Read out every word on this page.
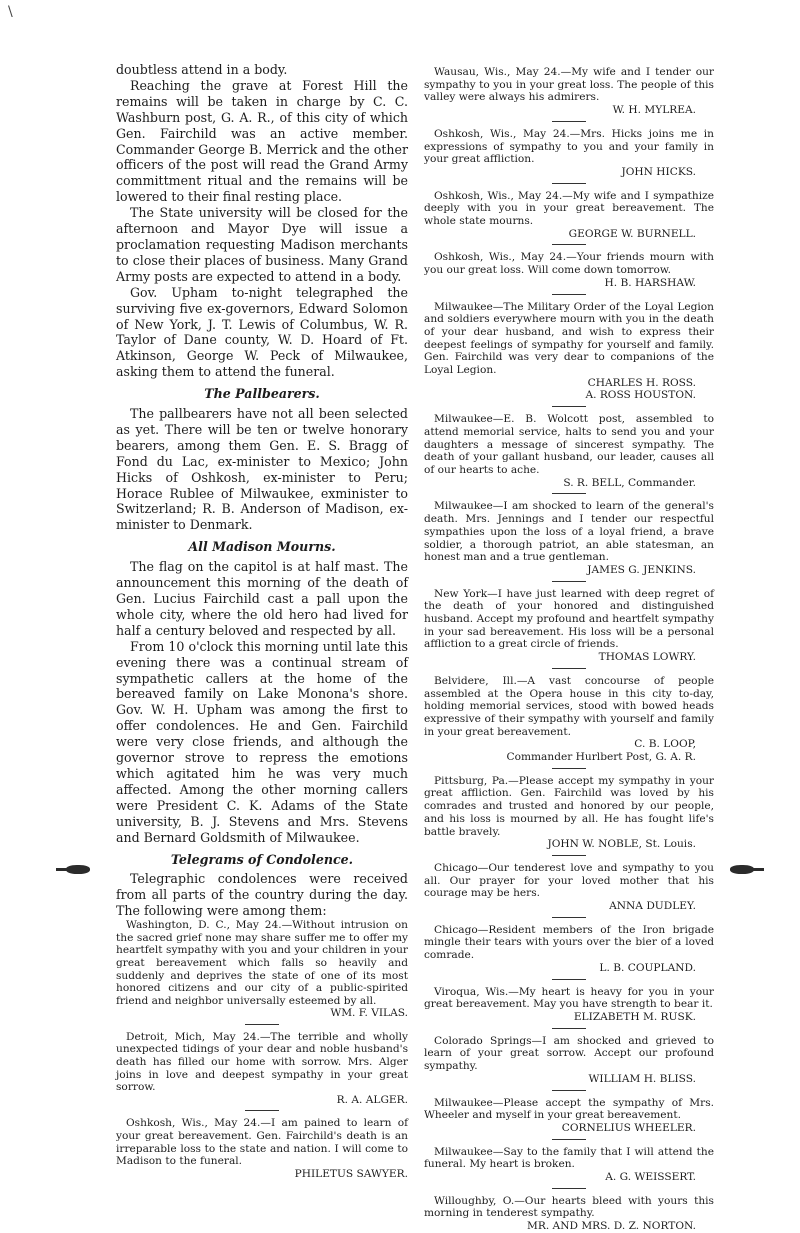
\

doubtless attend in a body.

Reaching the grave at Forest Hill the remains will be taken in charge by C. C. Washburn post, G. A. R., of this city of which Gen. Fairchild was an active member. Commander George B. Merrick and the other officers of the post will read the Grand Army committment ritual and the remains will be lowered to their final resting place.

The State university will be closed for the afternoon and Mayor Dye will issue a proclamation requesting Madison merchants to close their places of business. Many Grand Army posts are expected to attend in a body.

Gov. Upham to-night telegraphed the surviving five ex-governors, Edward Solomon of New York, J. T. Lewis of Columbus, W. R. Taylor of Dane county, W. D. Hoard of Ft. Atkinson, George W. Peck of Milwaukee, asking them to attend the funeral.

The Pallbearers.

The pallbearers have not all been selected as yet. There will be ten or twelve honorary bearers, among them Gen. E. S. Bragg of Fond du Lac, ex-minister to Mexico; John Hicks of Oshkosh, ex-minister to Peru; Horace Rublee of Milwaukee, exminister to Switzerland; R. B. Anderson of Madison, ex-minister to Denmark.

All Madison Mourns.

The flag on the capitol is at half mast. The announcement this morning of the death of Gen. Lucius Fairchild cast a pall upon the whole city, where the old hero had lived for half a century beloved and respected by all.

From 10 o'clock this morning until late this evening there was a continual stream of sympathetic callers at the home of the bereaved family on Lake Monona's shore. Gov. W. H. Upham was among the first to offer condolences. He and Gen. Fairchild were very close friends, and although the governor strove to repress the emotions which agitated him he was very much affected. Among the other morning callers were President C. K. Adams of the State university, B. J. Stevens and Mrs. Stevens and Bernard Goldsmith of Milwaukee.

Telegrams of Condolence.

Telegraphic condolences were received from all parts of the country during the day. The following were among them:

Washington, D. C., May 24.—Without intrusion on the sacred grief none may share suffer me to offer my heartfelt sympathy with you and your children in your great bereavement which falls so heavily and suddenly and deprives the state of one of its most honored citizens and our city of a public-spirited friend and neighbor universally esteemed by all.

WM. F. VILAS.

Detroit, Mich, May 24.—The terrible and wholly unexpected tidings of your dear and noble husband's death has filled our home with sorrow. Mrs. Alger joins in love and deepest sympathy in your great sorrow.

R. A. ALGER.

Oshkosh, Wis., May 24.—I am pained to learn of your great bereavement. Gen. Fairchild's death is an irreparable loss to the state and nation. I will come to Madison to the funeral.

PHILETUS SAWYER.

Wausau, Wis., May 24.—My wife and I tender our sympathy to you in your great loss. The people of this valley were always his admirers.

W. H. MYLREA.

Oshkosh, Wis., May 24.—Mrs. Hicks joins me in expressions of sympathy to you and your family in your great affliction.

JOHN HICKS.

Oshkosh, Wis., May 24.—My wife and I sympathize deeply with you in your great bereavement. The whole state mourns.

GEORGE W. BURNELL.

Oshkosh, Wis., May 24.—Your friends mourn with you our great loss. Will come down tomorrow.

H. B. HARSHAW.

Milwaukee—The Military Order of the Loyal Legion and soldiers everywhere mourn with you in the death of your dear husband, and wish to express their deepest feelings of sympathy for yourself and family. Gen. Fairchild was very dear to companions of the Loyal Legion.

CHARLES H. ROSS.

A. ROSS HOUSTON.

Milwaukee—E. B. Wolcott post, assembled to attend memorial service, halts to send you and your daughters a message of sincerest sympathy. The death of your gallant husband, our leader, causes all of our hearts to ache.

S. R. BELL, Commander.

Milwaukee—I am shocked to learn of the general's death. Mrs. Jennings and I tender our respectful sympathies upon the loss of a loyal friend, a brave soldier, a thorough patriot, an able statesman, an honest man and a true gentleman.

JAMES G. JENKINS.

New York—I have just learned with deep regret of the death of your honored and distinguished husband. Accept my profound and heartfelt sympathy in your sad bereavement. His loss will be a personal affliction to a great circle of friends.

THOMAS LOWRY.

Belvidere, Ill.—A vast concourse of people assembled at the Opera house in this city to-day, holding memorial services, stood with bowed heads expressive of their sympathy with yourself and family in your great bereavement.

C. B. LOOP,

Commander Hurlbert Post, G. A. R.

Pittsburg, Pa.—Please accept my sympathy in your great affliction. Gen. Fairchild was loved by his comrades and trusted and honored by our people, and his loss is mourned by all. He has fought life's battle bravely.

JOHN W. NOBLE, St. Louis.

Chicago—Our tenderest love and sympathy to you all. Our prayer for your loved mother that his courage may be hers.

ANNA DUDLEY.

Chicago—Resident members of the Iron brigade mingle their tears with yours over the bier of a loved comrade.

L. B. COUPLAND.

Viroqua, Wis.—My heart is heavy for you in your great bereavement. May you have strength to bear it.

ELIZABETH M. RUSK.

Colorado Springs—I am shocked and grieved to learn of your great sorrow. Accept our profound sympathy.

WILLIAM H. BLISS.

Milwaukee—Please accept the sympathy of Mrs. Wheeler and myself in your great bereavement.

CORNELIUS WHEELER.

Milwaukee—Say to the family that I will attend the funeral. My heart is broken.

A. G. WEISSERT.

Willoughby, O.—Our hearts bleed with yours this morning in tenderest sympathy.

MR. AND MRS. D. Z. NORTON.
